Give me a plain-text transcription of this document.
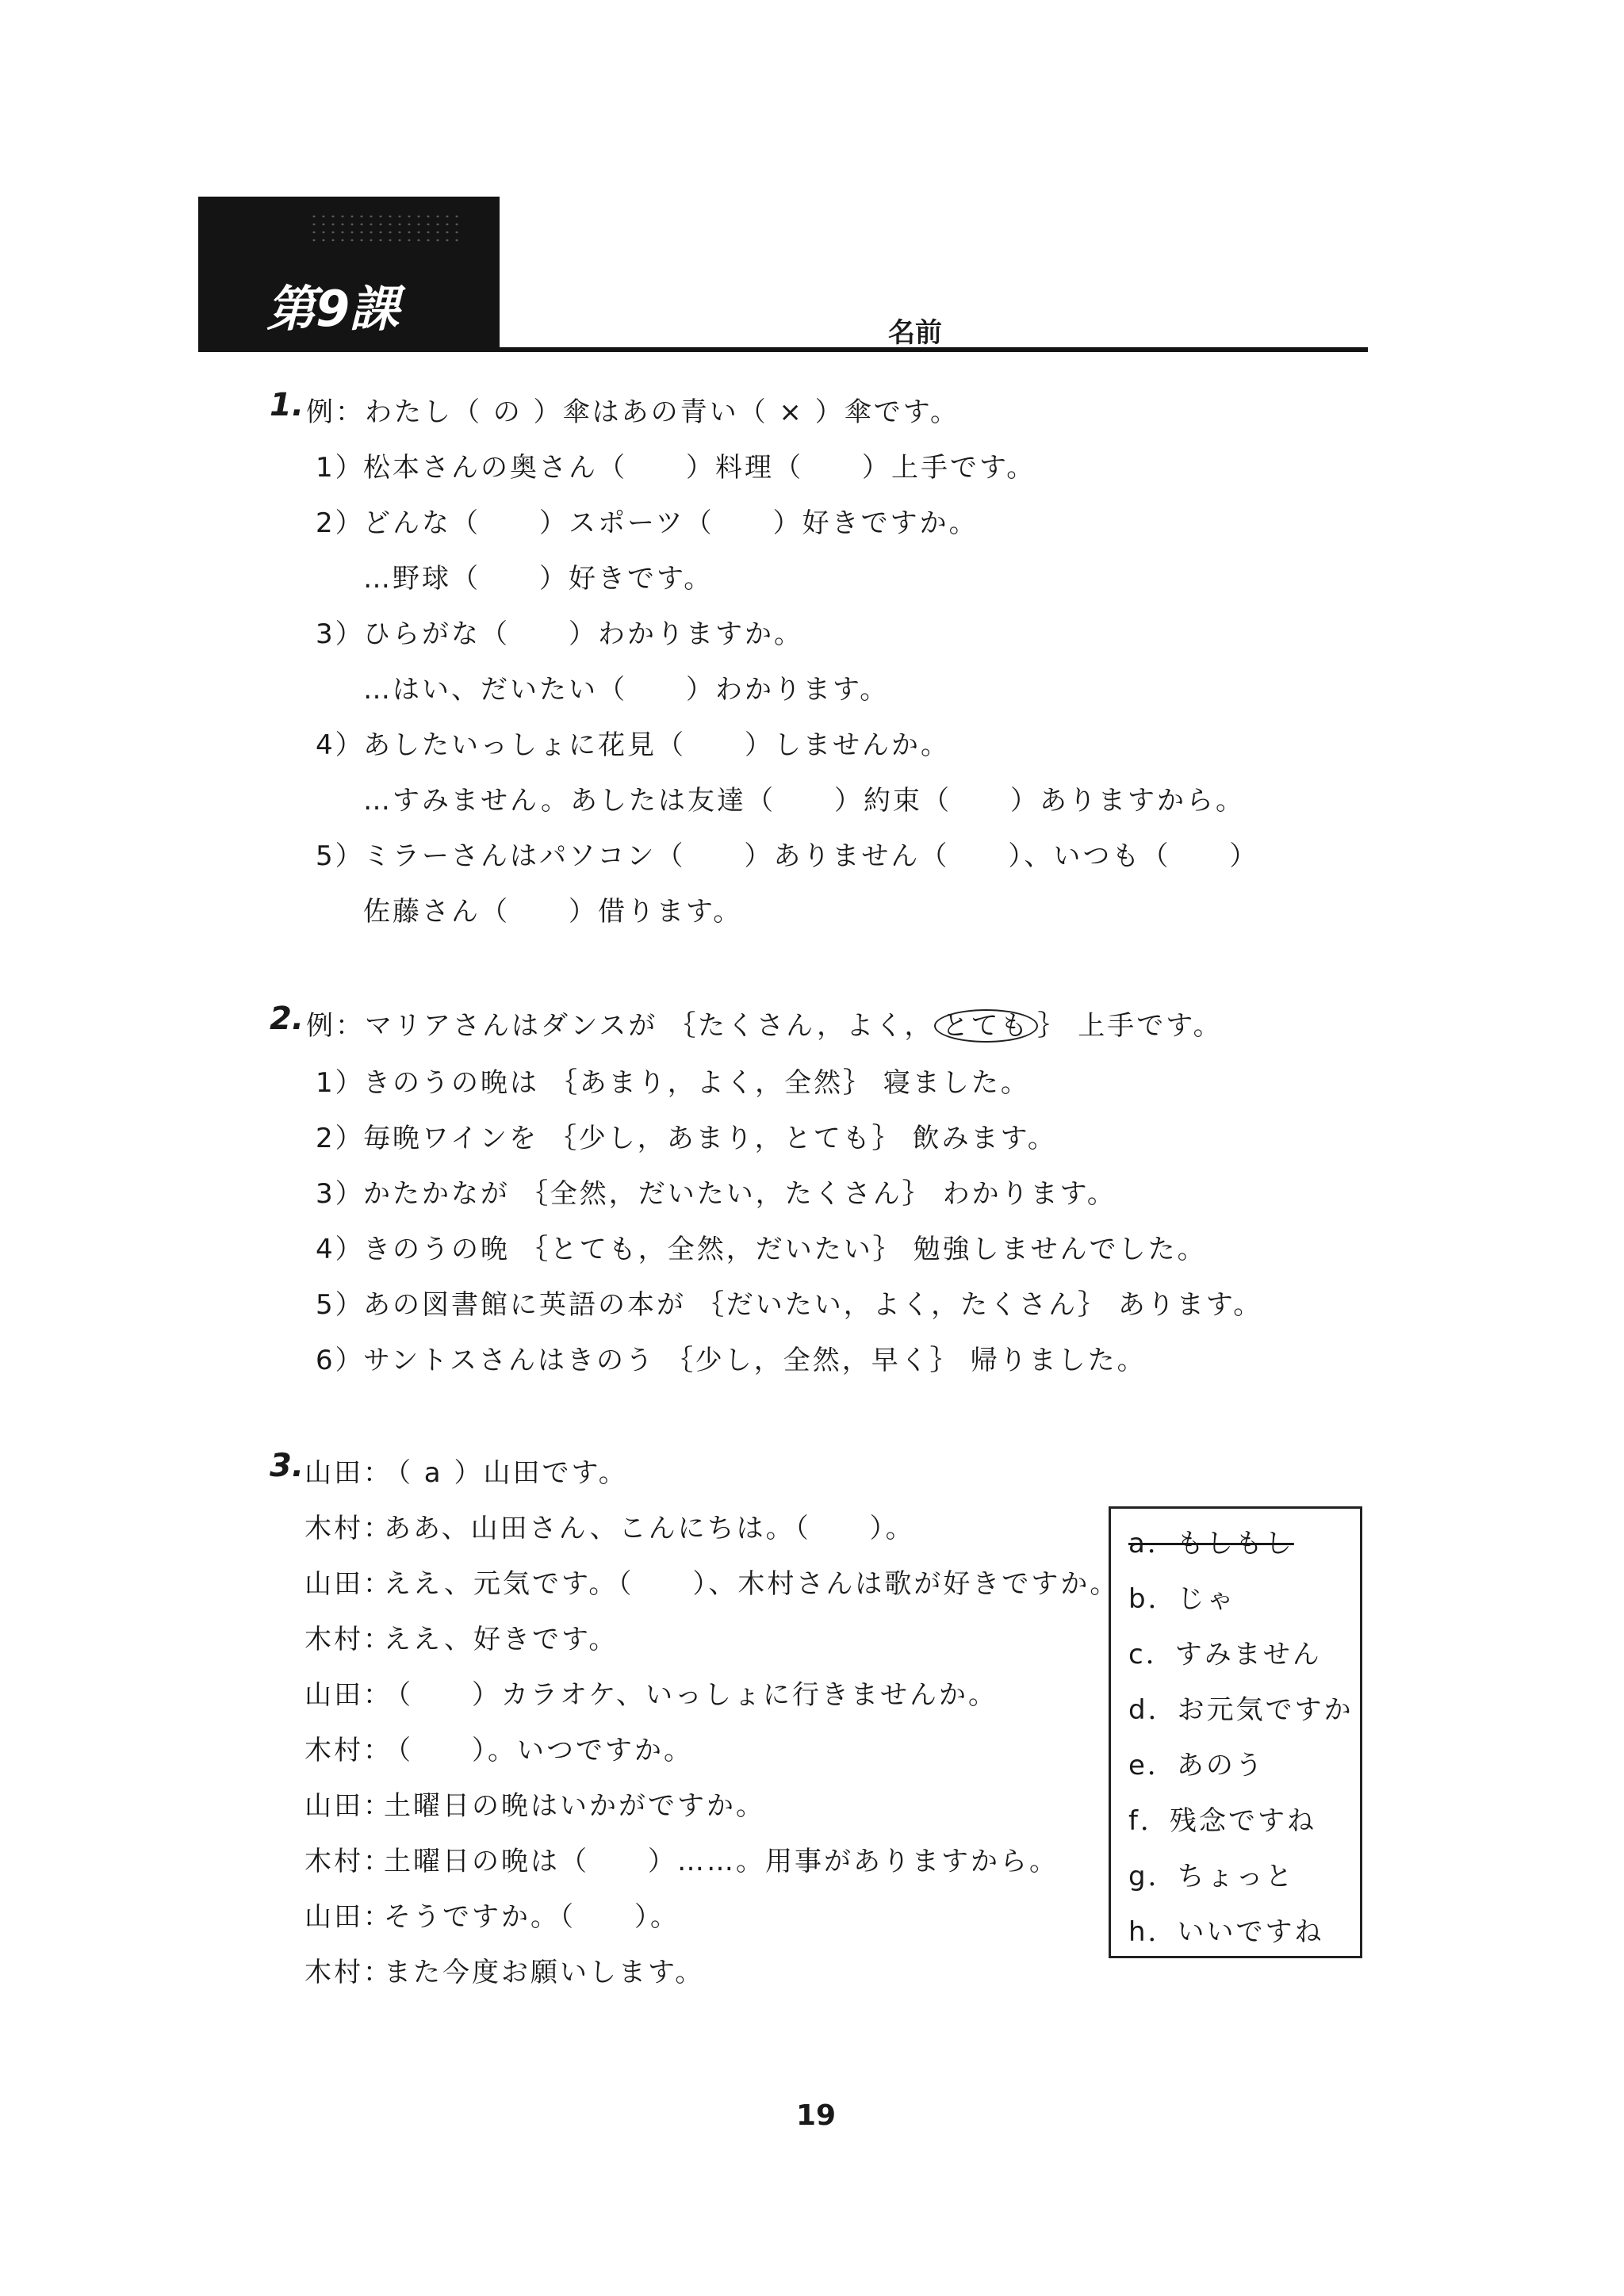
第9課	名前
1. 例：わたし（ の ）傘はあの青い（ × ）傘です。
1）松本さんの奥さん（　　）料理（　　）上手です。
2）どんな（　　）スポーツ（　　）好きですか。
…野球（　　）好きです。
3）ひらがな（　　）わかりますか。
…はい、だいたい（　　）わかります。
4）あしたいっしょに花見（　　）しませんか。
…すみません。あしたは友達（　　）約束（　　）ありますから。
5）ミラーさんはパソコン（　　）ありません（　　）、いつも（　　）
佐藤さん（　　）借ります。
2. 例：マリアさんはダンスが ｛たくさん，よく， とても ｝ 上手です。
1）きのうの晩は ｛あまり，よく，全然｝ 寝ました。
2）毎晩ワインを ｛少し，あまり，とても｝ 飲みます。
3）かたかなが ｛全然，だいたい，たくさん｝ わかります。
4）きのうの晩 ｛とても，全然，だいたい｝ 勉強しませんでした。
5）あの図書館に英語の本が ｛だいたい，よく，たくさん｝ あります。
6）サントスさんはきのう ｛少し，全然，早く｝ 帰りました。
3. 山田：（ a ）山田です。
木村：ああ、山田さん、こんにちは。（　　）。
山田：ええ、元気です。（　　）、木村さんは歌が好きですか。
木村：ええ、好きです。
山田：（　　）カラオケ、いっしょに行きませんか。
木村：（　　）。いつですか。
山田：土曜日の晩はいかがですか。
木村：土曜日の晩は（　　）……。用事がありますから。
山田：そうですか。（　　）。
木村：また今度お願いします。
a．もしもし
b．じゃ
c．すみません
d．お元気ですか
e．あのう
f．残念ですね
g．ちょっと
h．いいですね
19
